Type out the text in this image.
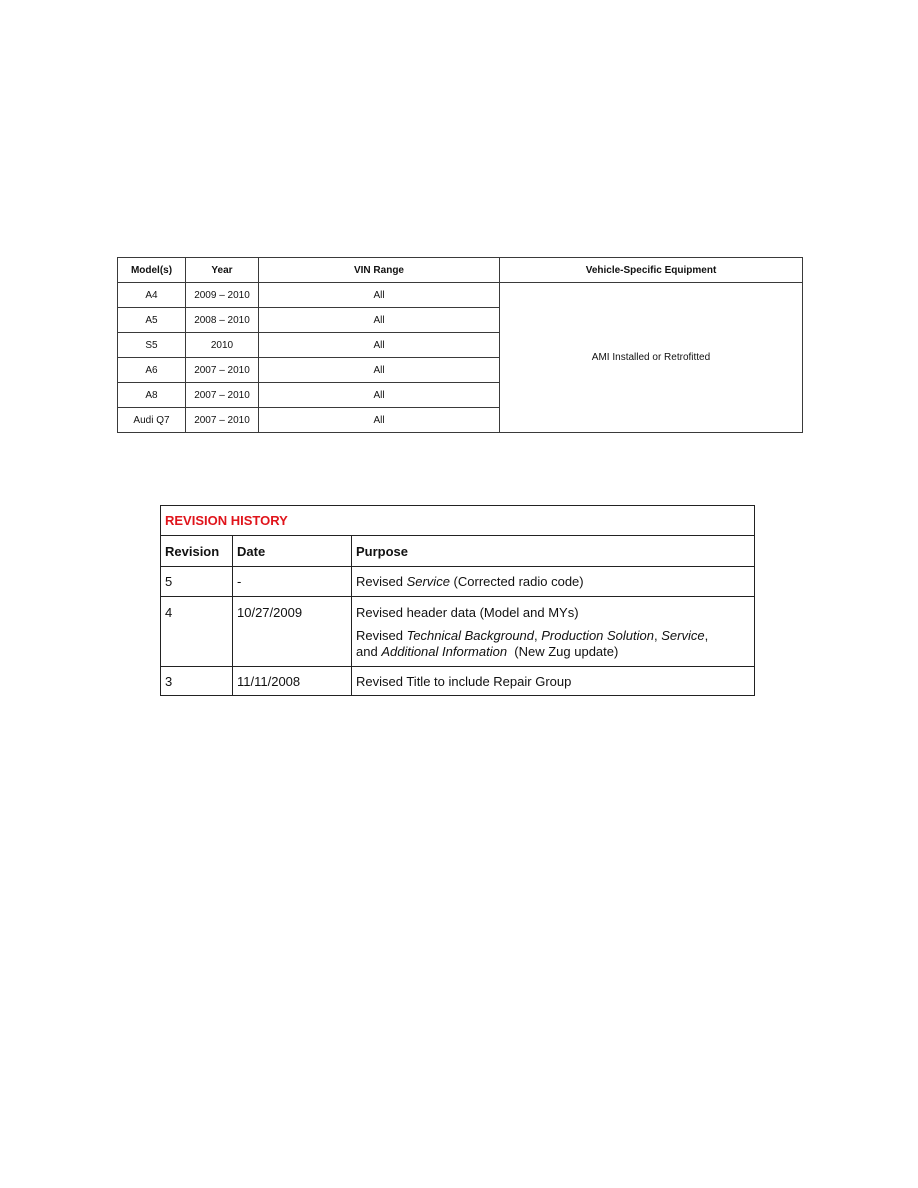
Model(s)	Year	VIN Range	Vehicle-Specific Equipment
A4	2009 – 2010	All	AMI Installed or Retrofitted
A5	2008 – 2010	All	
S5	2010	All	
A6	2007 – 2010	All	
A8	2007 – 2010	All	
Audi Q7	2007 – 2010	All	
REVISION HISTORY		
Revision	Date	Purpose
5	-	Revised Service (Corrected radio code)
4	10/27/2009	Revised header data (Model and MYs)
Revised Technical Background, Production Solution, Service,
and Additional Information  (New Zug update)

3	11/11/2008	Revised Title to include Repair Group
